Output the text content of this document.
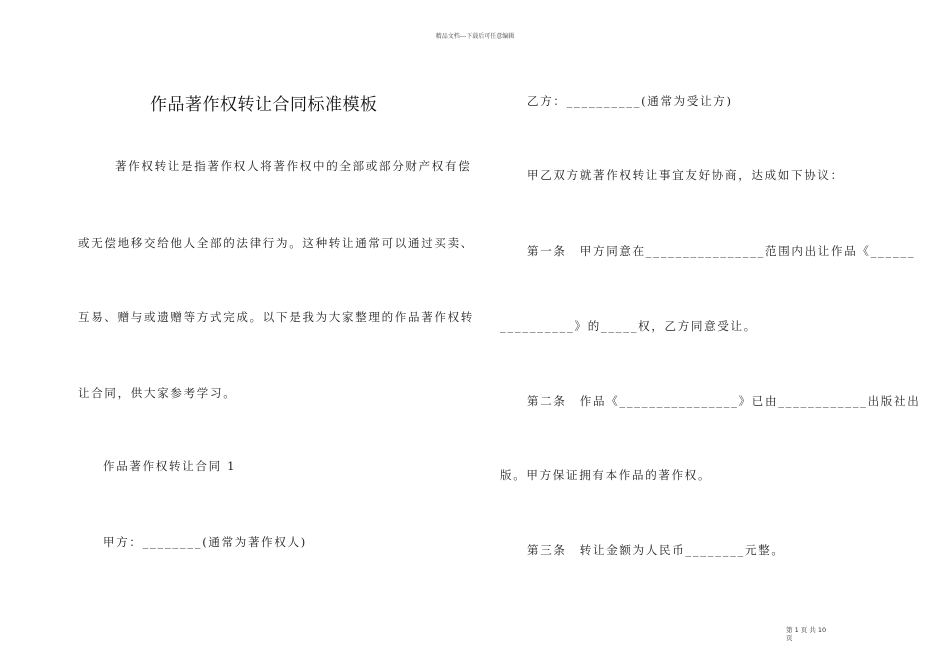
精品文档---下载后可任意编辑
作品著作权转让合同标准模板
著作权转让是指著作权人将著作权中的全部或部分财产权有偿
或无偿地移交给他人全部的法律行为。这种转让通常可以通过买卖、
互易、赠与或遗赠等方式完成。以下是我为大家整理的作品著作权转
让合同，供大家参考学习。
作品著作权转让合同 1
甲方：________(通常为著作权人)
乙方：__________(通常为受让方)
甲乙双方就著作权转让事宜友好协商，达成如下协议：
第一条　甲方同意在________________范围内出让作品《______
__________》的_____权，乙方同意受让。
第二条　作品《________________》已由____________出版社出
版。甲方保证拥有本作品的著作权。
第三条　转让金额为人民币________元整。
第 1 页 共 10 页
